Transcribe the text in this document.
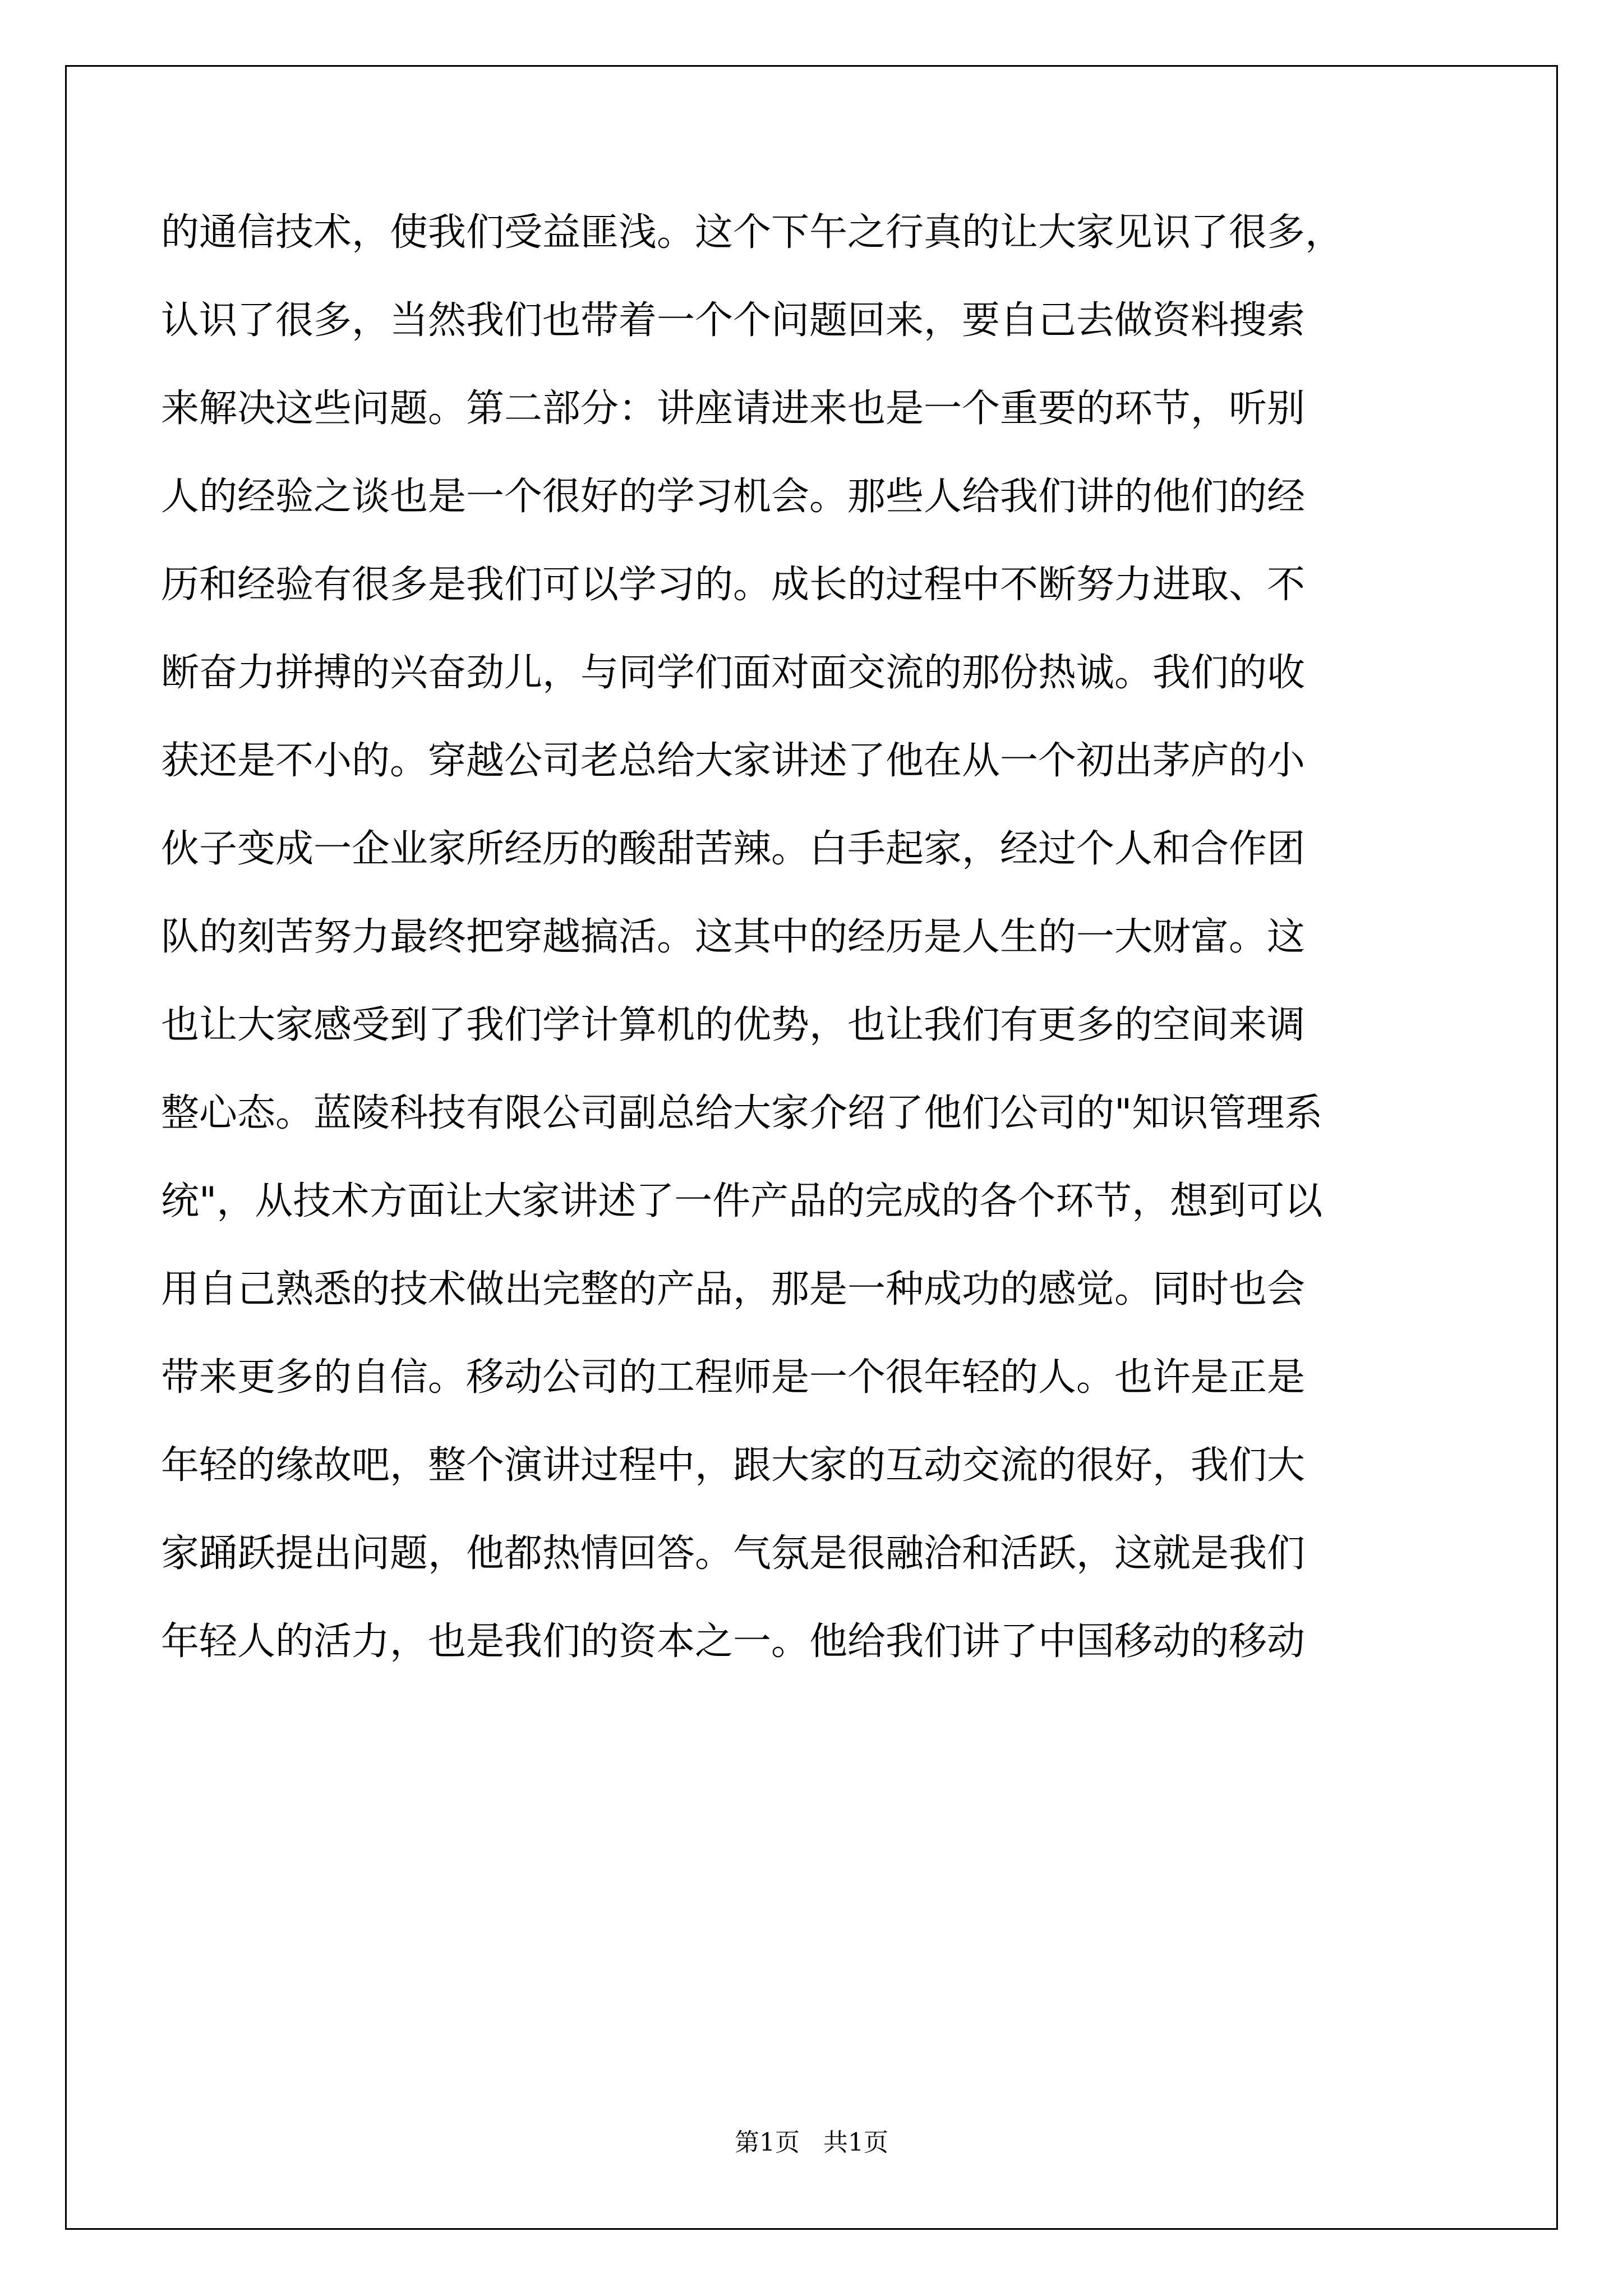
的通信技术，使我们受益匪浅。这个下午之行真的让大家见识了很多，
认识了很多，当然我们也带着一个个问题回来，要自己去做资料搜索
来解决这些问题。第二部分：讲座请进来也是一个重要的环节，听别
人的经验之谈也是一个很好的学习机会。那些人给我们讲的他们的经
历和经验有很多是我们可以学习的。成长的过程中不断努力进取、不
断奋力拼搏的兴奋劲儿，与同学们面对面交流的那份热诚。我们的收
获还是不小的。穿越公司老总给大家讲述了他在从一个初出茅庐的小
伙子变成一企业家所经历的酸甜苦辣。白手起家，经过个人和合作团
队的刻苦努力最终把穿越搞活。这其中的经历是人生的一大财富。这
也让大家感受到了我们学计算机的优势，也让我们有更多的空间来调
整心态。蓝陵科技有限公司副总给大家介绍了他们公司的"知识管理系
统"，从技术方面让大家讲述了一件产品的完成的各个环节，想到可以
用自己熟悉的技术做出完整的产品，那是一种成功的感觉。同时也会
带来更多的自信。移动公司的工程师是一个很年轻的人。也许是正是
年轻的缘故吧，整个演讲过程中，跟大家的互动交流的很好，我们大
家踊跃提出问题，他都热情回答。气氛是很融洽和活跃，这就是我们
年轻人的活力，也是我们的资本之一。他给我们讲了中国移动的移动
第1页   共1页
